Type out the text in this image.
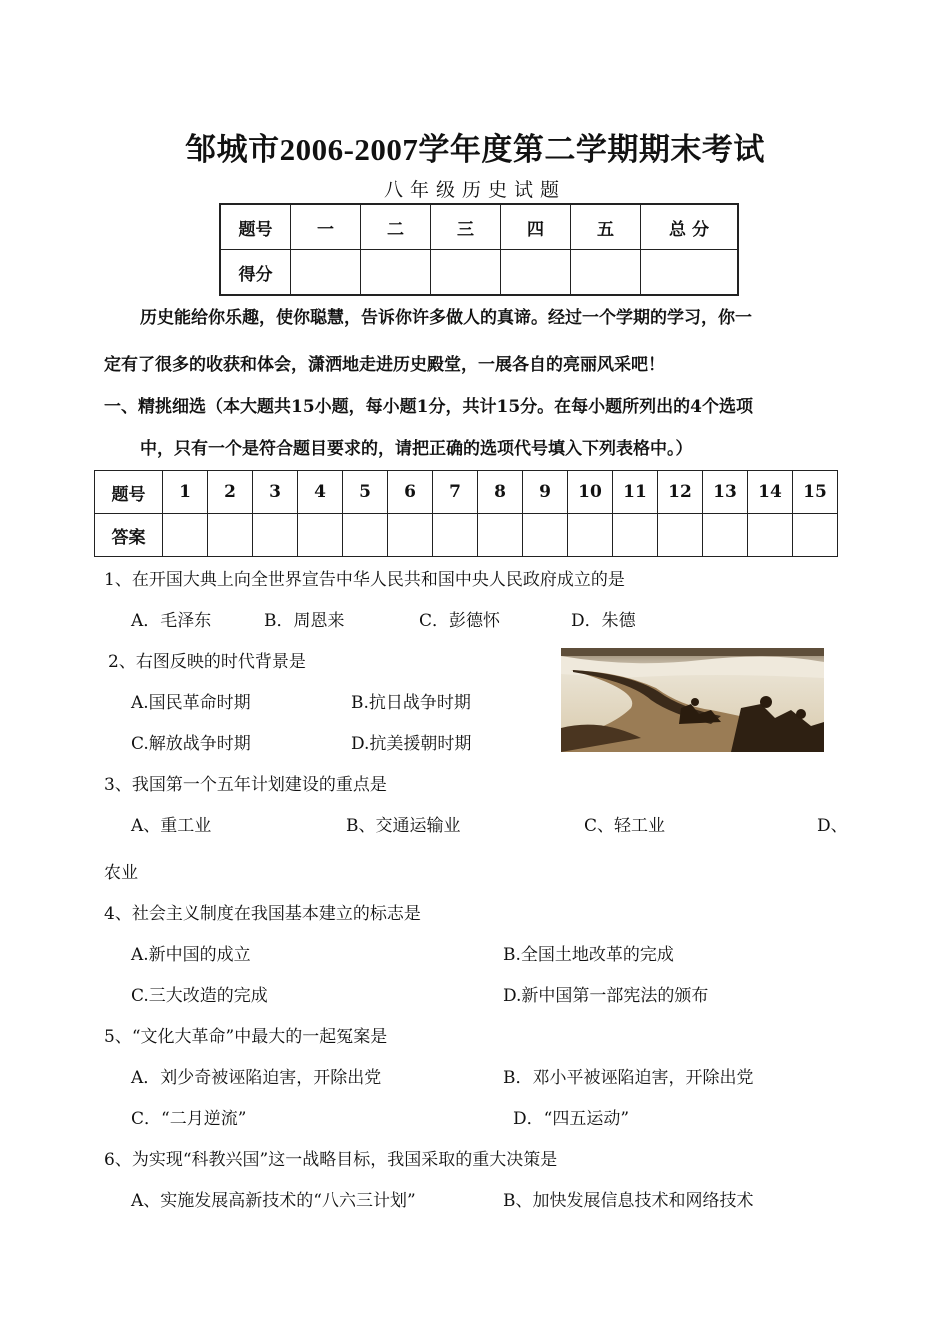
邹城市2006-2007学年度第二学期期末考试
八年级历史试题
题号	一	二	三	四	五	总 分
得分						
历史能给你乐趣，使你聪慧，告诉你许多做人的真谛。经过一个学期的学习，你一
定有了很多的收获和体会，潇洒地走进历史殿堂，一展各自的亮丽风采吧！
一、精挑细选（本大题共15小题，每小题1分，共计15分。在每小题所列出的4个选项
中，只有一个是符合题目要求的，请把正确的选项代号填入下列表格中。）
题号	1	2	3	4	5	6	7	8	9	10	11	12	13	14	15
答案															
1、在开国大典上向全世界宣告中华人民共和国中央人民政府成立的是
A．毛泽东	B．周恩来	C．彭德怀	D．朱德
2、右图反映的时代背景是
A.国民革命时期	B.抗日战争时期
C.解放战争时期	D.抗美援朝时期
3、我国第一个五年计划建设的重点是
A、重工业	B、交通运输业	C、轻工业	D、
农业
4、社会主义制度在我国基本建立的标志是
A.新中国的成立	B.全国土地改革的完成
C.三大改造的完成	D.新中国第一部宪法的颁布
5、“文化大革命”中最大的一起冤案是
A．刘少奇被诬陷迫害，开除出党	B．邓小平被诬陷迫害，开除出党
C．“二月逆流”	D．“四五运动”
6、为实现“科教兴国”这一战略目标，我国采取的重大决策是
A、实施发展高新技术的“八六三计划”	B、加快发展信息技术和网络技术
